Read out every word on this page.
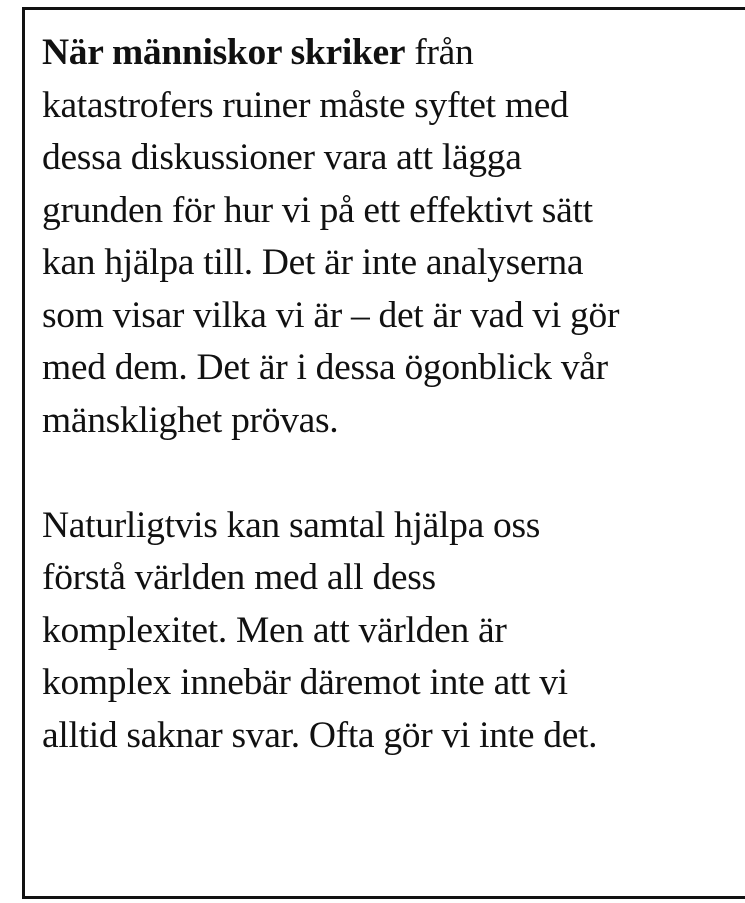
När människor skriker från
katastrofers ruiner måste syftet med
dessa diskussioner vara att lägga
grunden för hur vi på ett effektivt sätt
kan hjälpa till. Det är inte analyserna
som visar vilka vi är – det är vad vi gör
med dem. Det är i dessa ögonblick vår
mänsklighet prövas.
Naturligtvis kan samtal hjälpa oss
förstå världen med all dess
komplexitet. Men att världen är
komplex innebär däremot inte att vi
alltid saknar svar. Ofta gör vi inte det.
